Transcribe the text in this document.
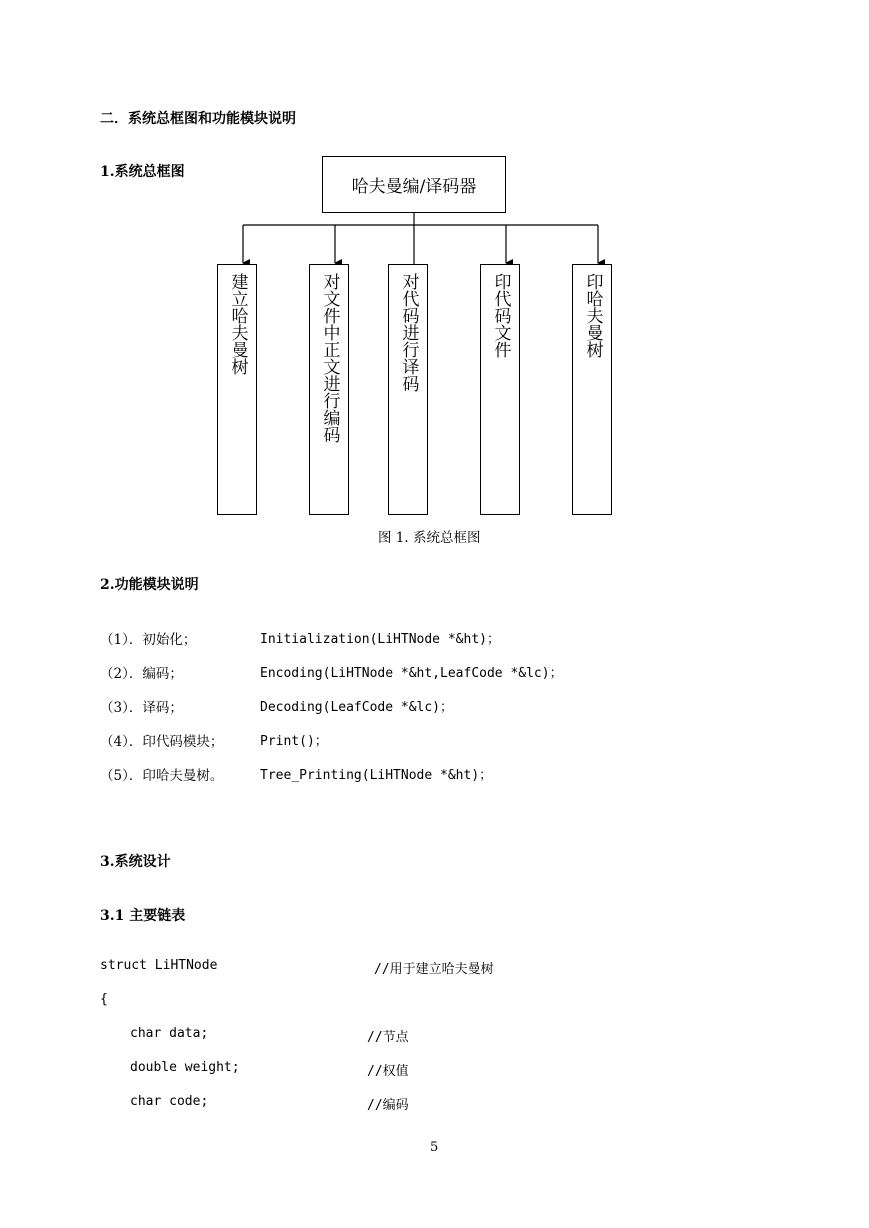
二．系统总框图和功能模块说明
1.系统总框图
哈夫曼编/译码器
建立哈夫曼树	对文件中正文进行编码	对代码进行译码	印代码文件	印哈夫曼树
图 1. 系统总框图
2.功能模块说明
（1）．初始化；	Initialization(LiHTNode *&ht)；
（2）．编码；	Encoding(LiHTNode *&ht,LeafCode *&lc)；
（3）．译码；	Decoding(LeafCode *&lc)；
（4）．印代码模块；	Print()；
（5）．印哈夫曼树。	Tree_Printing(LiHTNode *&ht)；
3.系统设计
3.1 主要链表
struct LiHTNode	//用于建立哈夫曼树
{
char data;	//节点
double weight;	//权值
char code;	//编码
5
